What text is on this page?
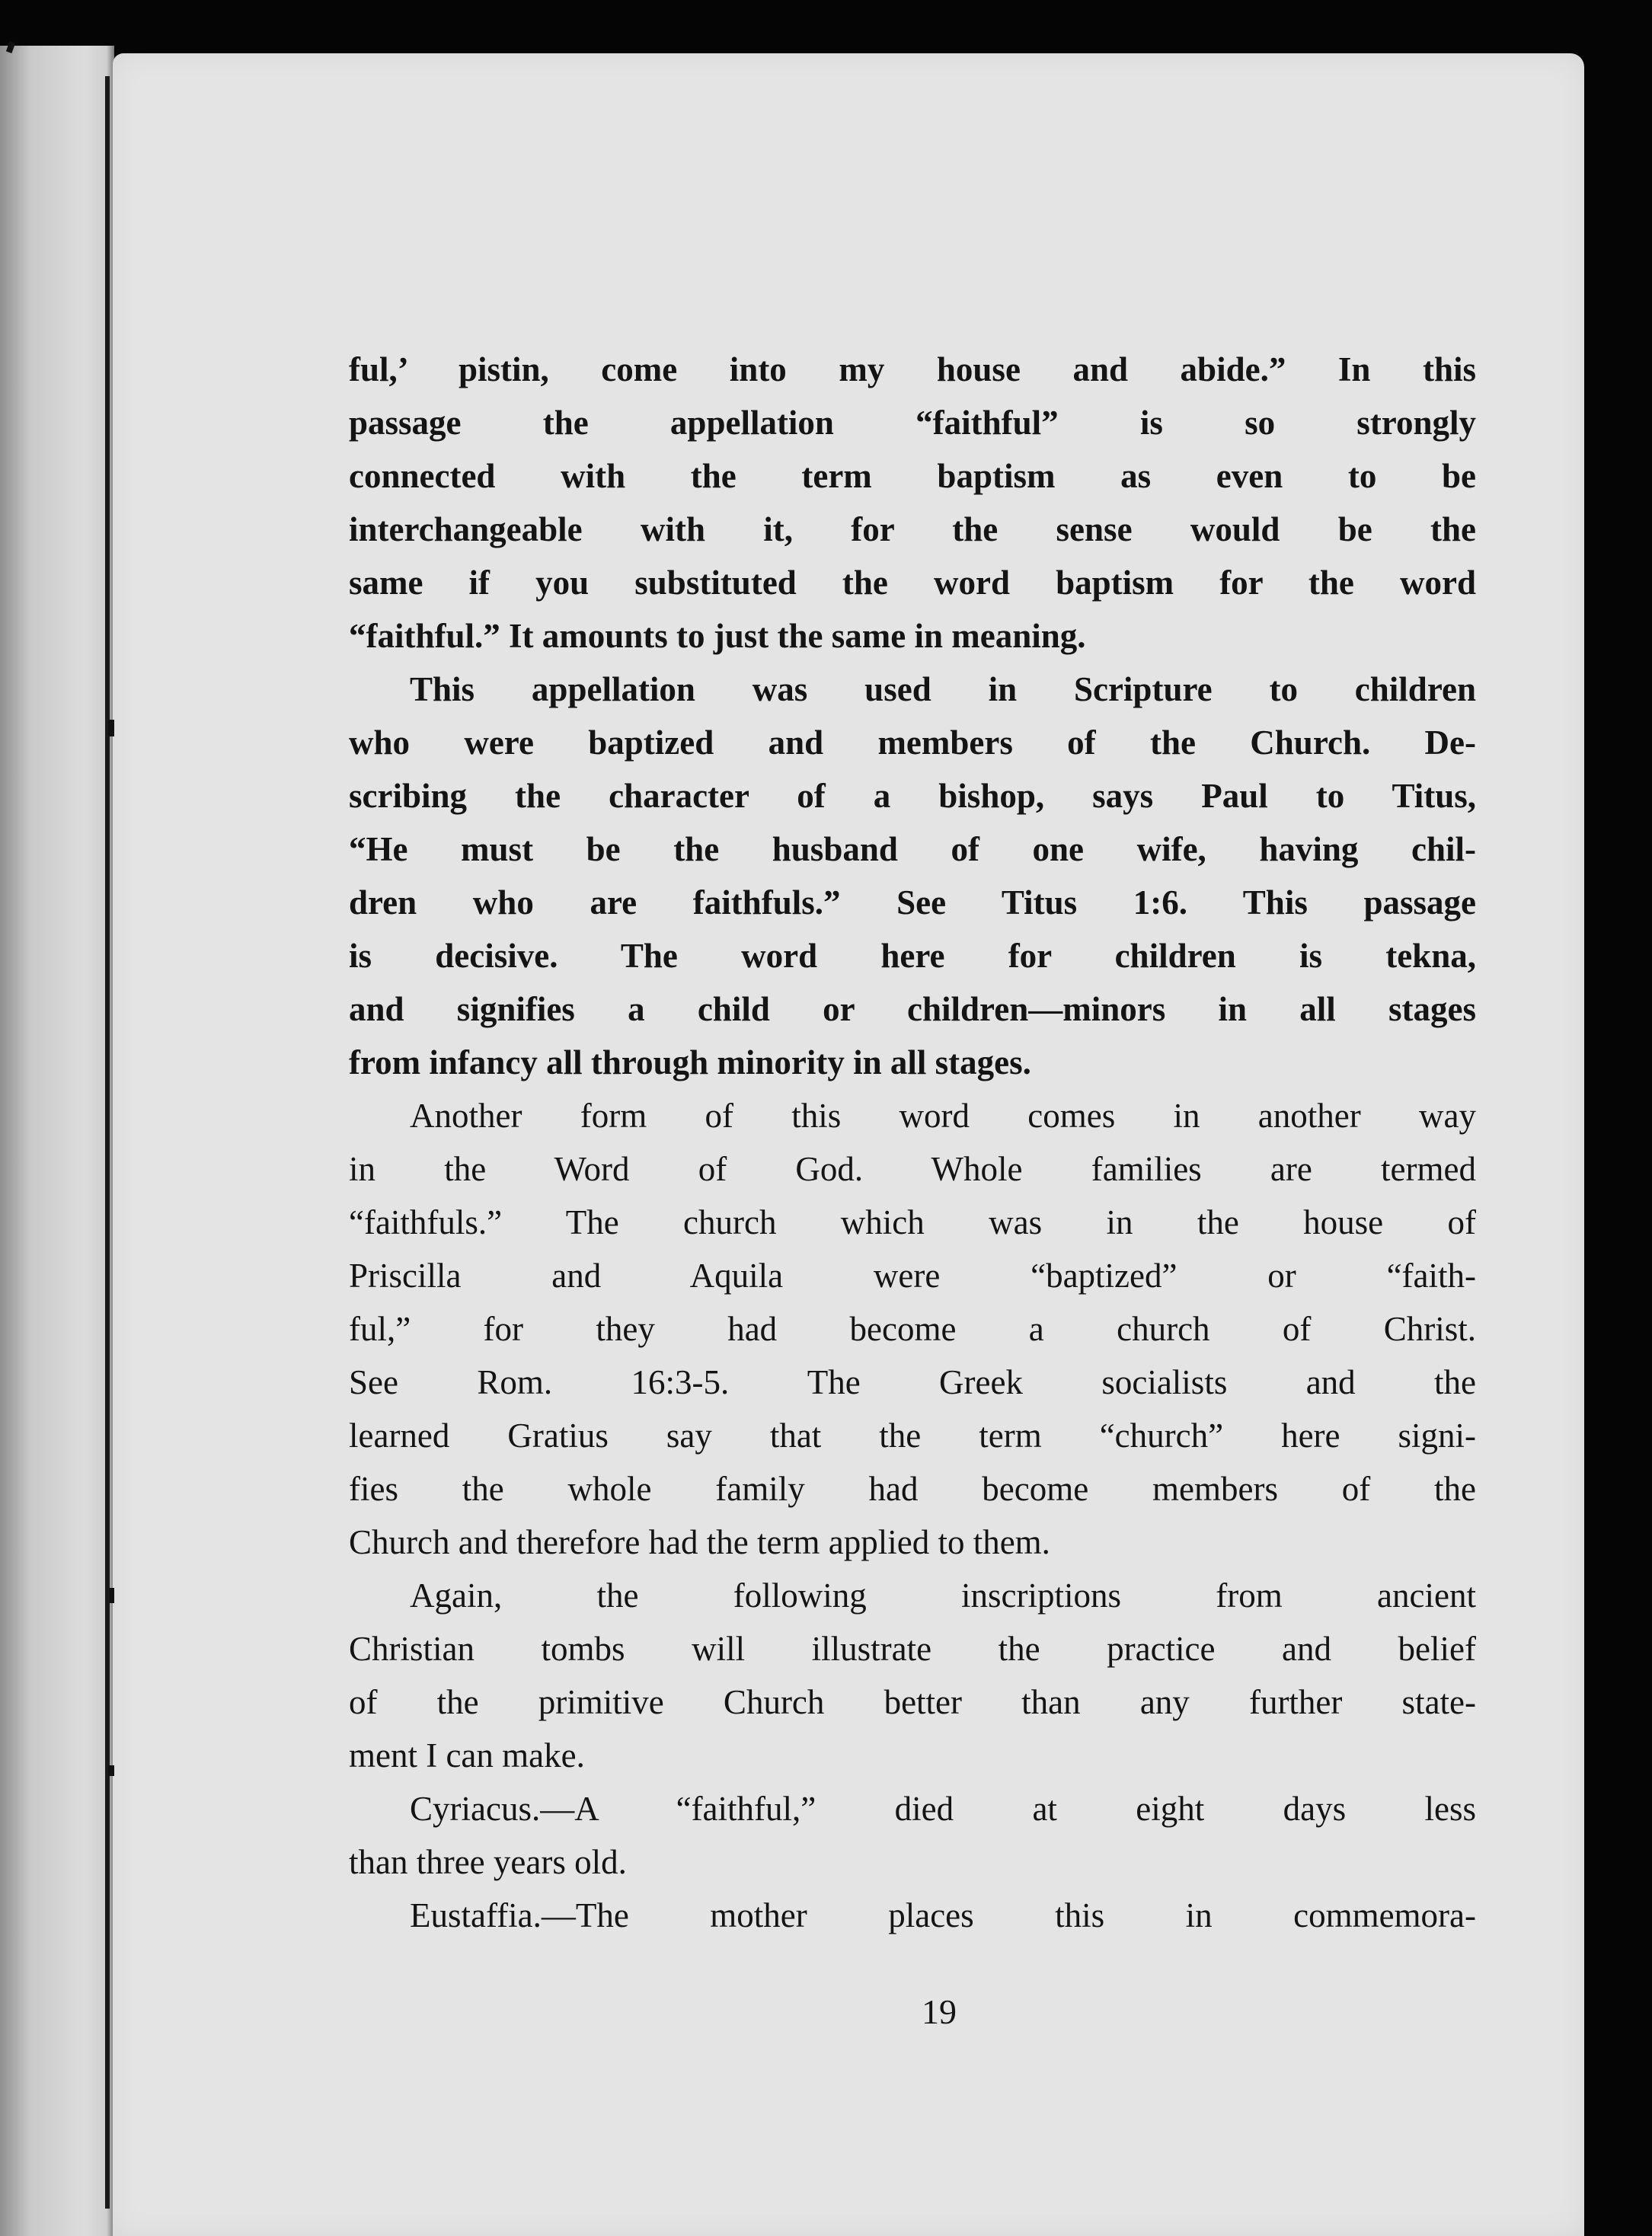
ful,’ pistin, come into my house and abide.” In this
passage the appellation “faithful” is so strongly
connected with the term baptism as even to be
interchangeable with it, for the sense would be the
same if you substituted the word baptism for the word
“faithful.” It amounts to just the same in meaning.
This appellation was used in Scripture to children
who were baptized and members of the Church. De-
scribing the character of a bishop, says Paul to Titus,
“He must be the husband of one wife, having chil-
dren who are faithfuls.” See Titus 1:6. This passage
is decisive. The word here for children is tekna,
and signifies a child or children—minors in all stages
from infancy all through minority in all stages.
Another form of this word comes in another way
in the Word of God. Whole families are termed
“faithfuls.” The church which was in the house of
Priscilla and Aquila were “baptized” or “faith-
ful,” for they had become a church of Christ.
See Rom. 16:3-5. The Greek socialists and the
learned Gratius say that the term “church” here signi-
fies the whole family had become members of the
Church and therefore had the term applied to them.
Again, the following inscriptions from ancient
Christian tombs will illustrate the practice and belief
of the primitive Church better than any further state-
ment I can make.
Cyriacus.—A “faithful,” died at eight days less
than three years old.
Eustaffia.—The mother places this in commemora-
19
